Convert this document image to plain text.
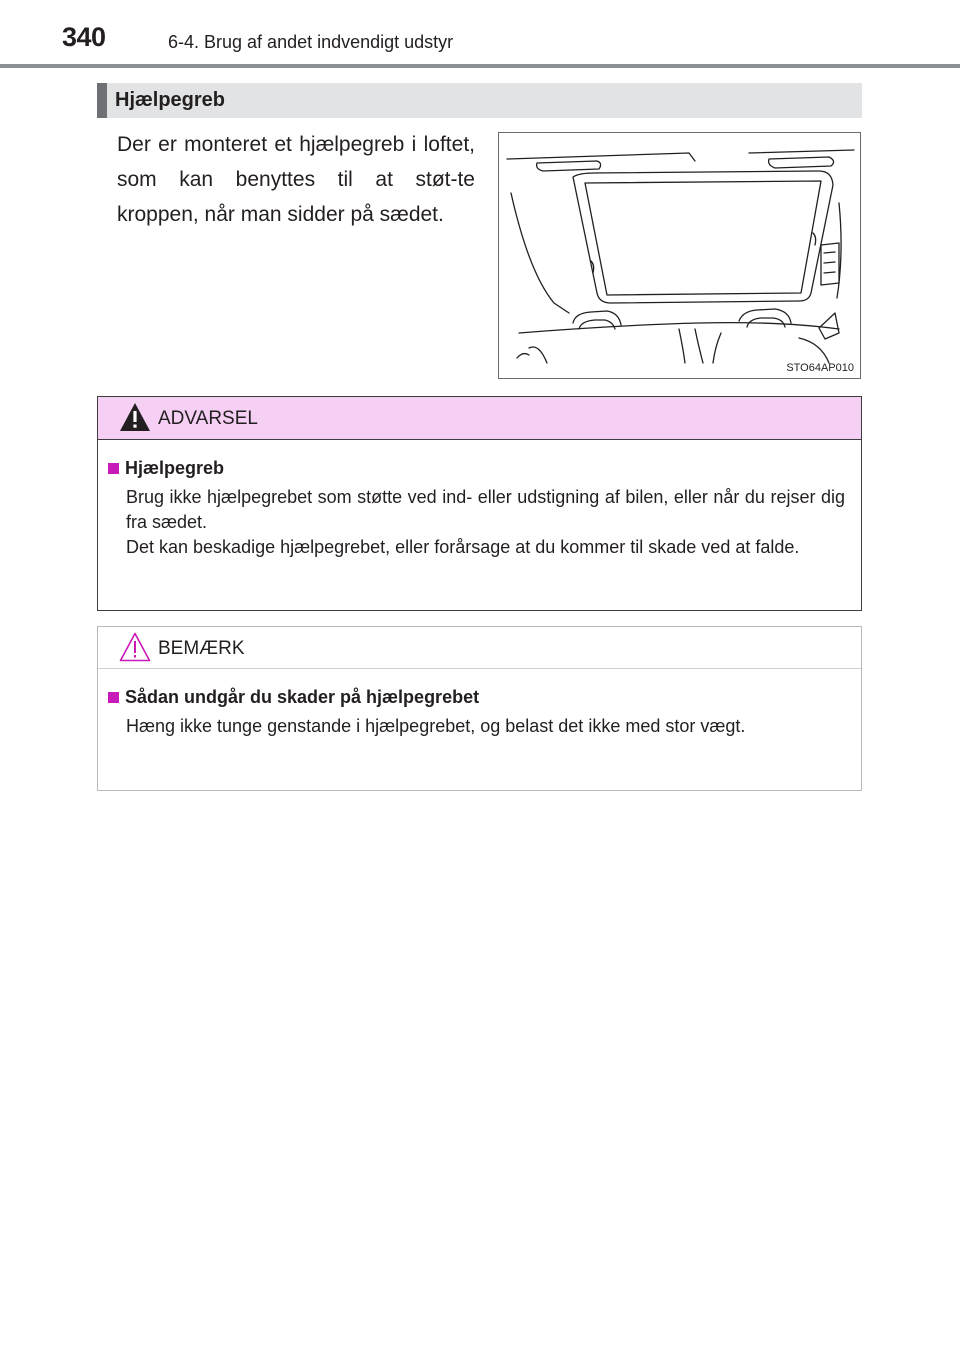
340	6-4. Brug af andet indvendigt udstyr
Hjælpegreb
Der er monteret et hjælpegreb i loftet, som kan benyttes til at støt-te kroppen, når man sidder på sædet.
STO64AP010
ADVARSEL
Hjælpegreb
Brug ikke hjælpegrebet som støtte ved ind- eller udstigning af bilen, eller når du rejser dig fra sædet.
Det kan beskadige hjælpegrebet, eller forårsage at du kommer til skade ved at falde.
BEMÆRK
Sådan undgår du skader på hjælpegrebet
Hæng ikke tunge genstande i hjælpegrebet, og belast det ikke med stor vægt.
